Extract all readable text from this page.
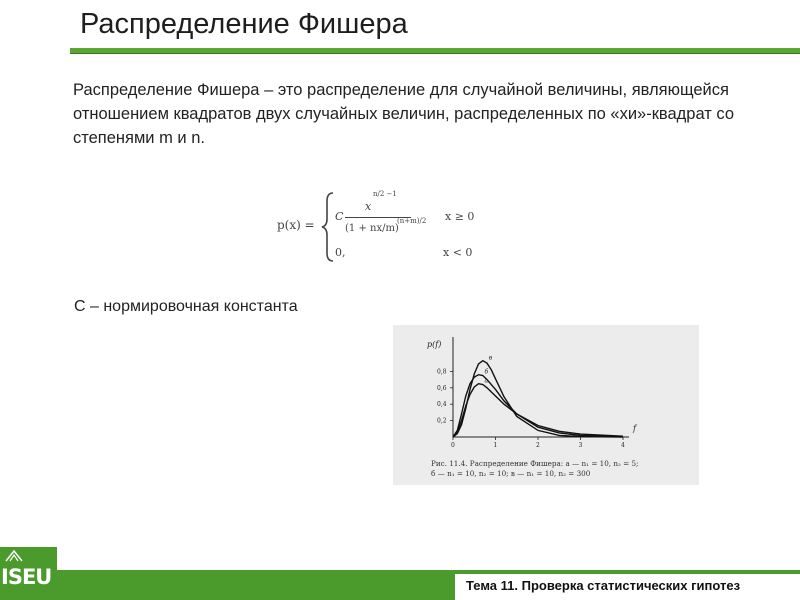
Распределение Фишера
Распределение Фишера – это распределение для случайной величины, являющейся отношением квадратов двух случайных величин, распределенных по «хи»-квадрат со степенями m и n.
p(x) =
C
x
n/2 −1
(1 + nx/m)
(n+m)/2 x ≥ 0
0,	x < 0
C – нормировочная константа
0	1	2	3	4
0,2
0,4
0,6
0,8
p(f)
f
а
б
в
Рис. 11.4. Распределение Фишера: а — n₁ = 10, n₂ = 5;
б — n₁ = 10, n₂ = 10; в — n₁ = 10, n₂ = 300
ISEU	Тема 11. Проверка статистических гипотез
